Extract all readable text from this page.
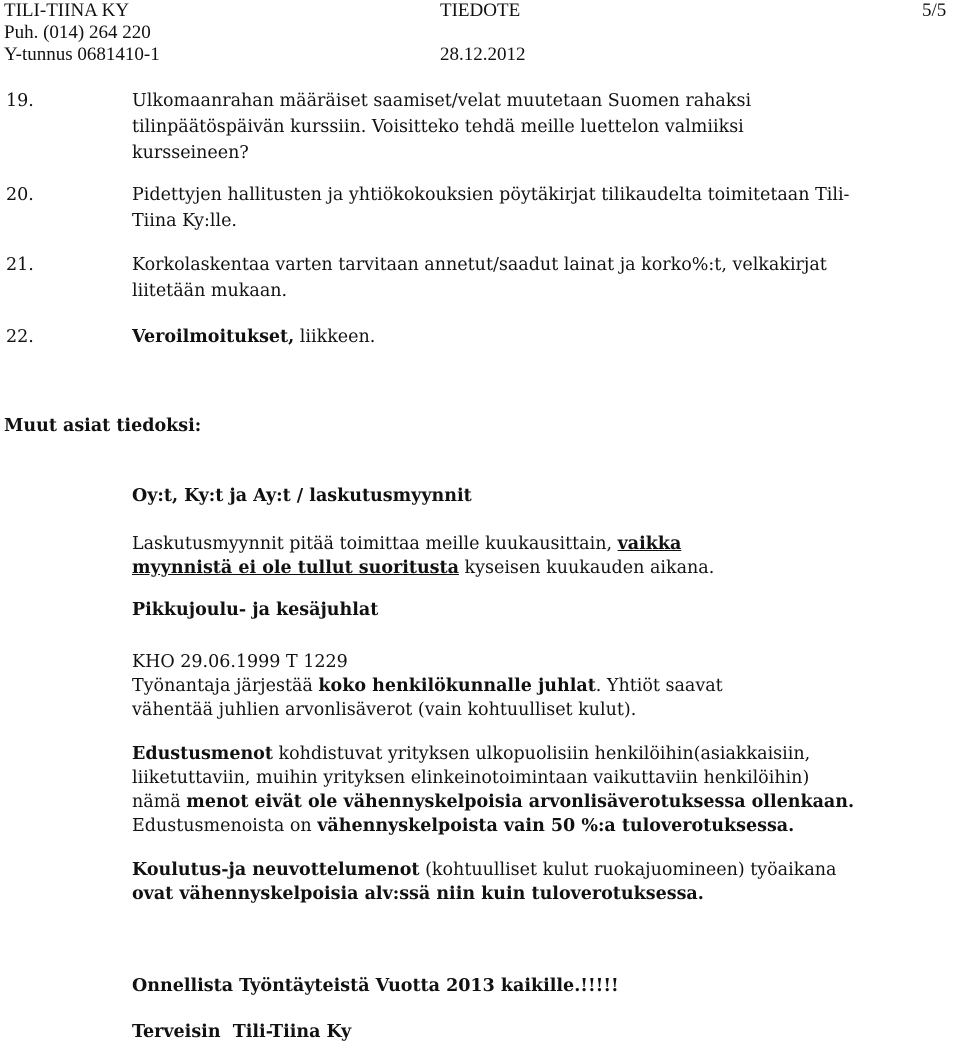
TILI-TIINA KY	TIEDOTE	5/5
Puh. (014) 264 220
Y-tunnus 0681410-1	28.12.2012
19.	Ulkomaanrahan määräiset saamiset/velat muutetaan Suomen rahaksi
tilinpäätöspäivän kurssiin. Voisitteko tehdä meille luettelon valmiiksi
kursseineen?
20.	Pidettyjen hallitusten ja yhtiökokouksien pöytäkirjat tilikaudelta toimitetaan Tili-
Tiina Ky:lle.
21.	Korkolaskentaa varten tarvitaan annetut/saadut lainat ja korko%:t, velkakirjat
liitetään mukaan.
22.	Veroilmoitukset, liikkeen.
Muut asiat tiedoksi:
Oy:t, Ky:t ja Ay:t / laskutusmyynnit
Laskutusmyynnit pitää toimittaa meille kuukausittain, vaikka
myynnistä ei ole tullut suoritusta kyseisen kuukauden aikana.
Pikkujoulu- ja kesäjuhlat
KHO 29.06.1999 T 1229
Työnantaja järjestää koko henkilökunnalle juhlat. Yhtiöt saavat
vähentää juhlien arvonlisäverot (vain kohtuulliset kulut).
Edustusmenot kohdistuvat yrityksen ulkopuolisiin henkilöihin(asiakkaisiin,
liiketuttaviin, muihin yrityksen elinkeinotoimintaan vaikuttaviin henkilöihin)
nämä menot eivät ole vähennyskelpoisia arvonlisäverotuksessa ollenkaan.
Edustusmenoista on vähennyskelpoista vain 50 %:a tuloverotuksessa.
Koulutus-ja neuvottelumenot (kohtuulliset kulut ruokajuomineen) työaikana
ovat vähennyskelpoisia alv:ssä niin kuin tuloverotuksessa.
Onnellista Työntäyteistä Vuotta 2013 kaikille.!!!!!
Terveisin  Tili-Tiina Ky
